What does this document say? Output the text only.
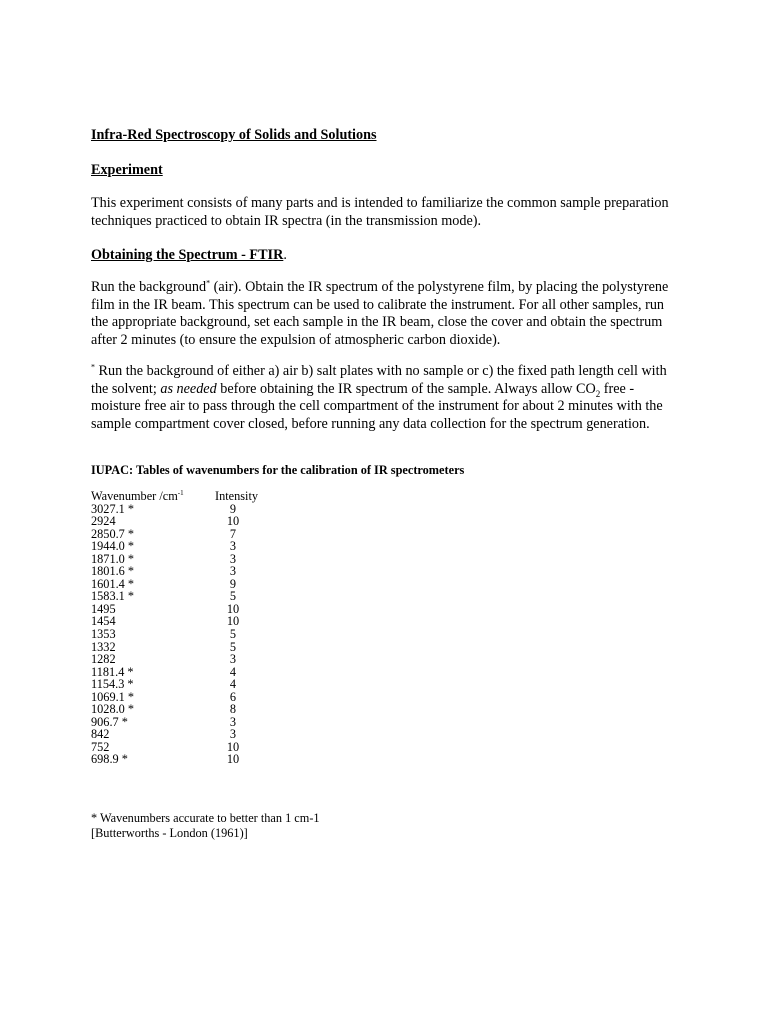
Infra-Red Spectroscopy of Solids and Solutions
Experiment
This experiment consists of many parts and is intended to familiarize the common sample preparation techniques practiced to obtain IR spectra (in the transmission mode).
Obtaining the Spectrum - FTIR.
Run the background* (air). Obtain the IR spectrum of the polystyrene film, by placing the polystyrene film in the IR beam. This spectrum can be used to calibrate the instrument. For all other samples, run the appropriate background, set each sample in the IR beam, close the cover and obtain the spectrum after 2 minutes (to ensure the expulsion of atmospheric carbon dioxide).
* Run the background of either a) air b) salt plates with no sample or c) the fixed path length cell with the solvent; as needed before obtaining the IR spectrum of the sample. Always allow $CO_2$ free - moisture free air to pass through the cell compartment of the instrument for about 2 minutes with the sample compartment cover closed, before running any data collection for the spectrum generation.
IUPAC: Tables of wavenumbers for the calibration of IR spectrometers
Wavenumber $/cm^{-1}$	Intensity
3027.1 *	9
2924	10
2850.7 *	7
1944.0 *	3
1871.0 *	3
1801.6 *	3
1601.4 *	9
1583.1 *	5
1495	10
1454	10
1353	5
1332	5
1282	3
1181.4 *	4
1154.3 *	4
1069.1 *	6
1028.0 *	8
906.7 *	3
842	3
752	10
698.9 *	10
* Wavenumbers accurate to better than 1 cm-1
[Butterworths - London (1961)]
